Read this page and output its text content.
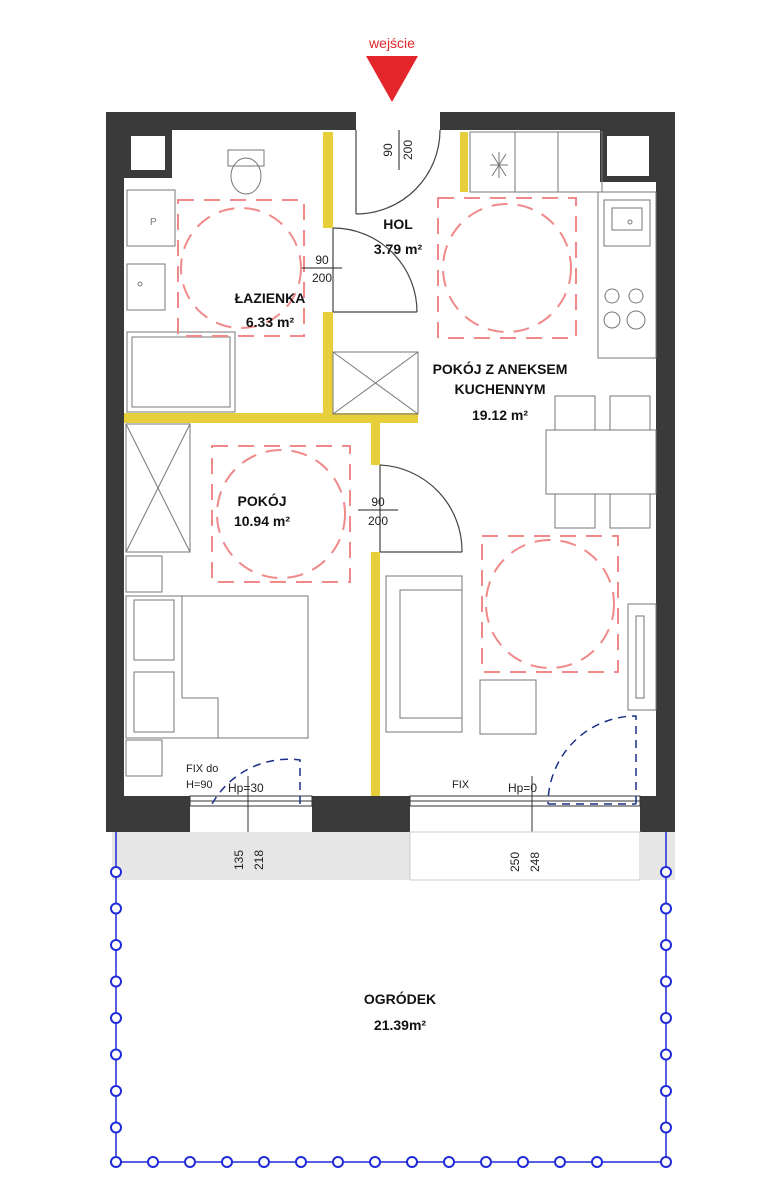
wejście
P	HOL
3.79 m²
ŁAZIENKA
6.33 m²
POKÓJ Z ANEKSEM
KUCHENNYM
19.12 m²
POKÓJ
10.94 m²
OGRÓDEK
21.39m²
90 200
90
200
90
200
FIX do
H=90 Hp=30
135 218
FIX	Hp=0
250 248
